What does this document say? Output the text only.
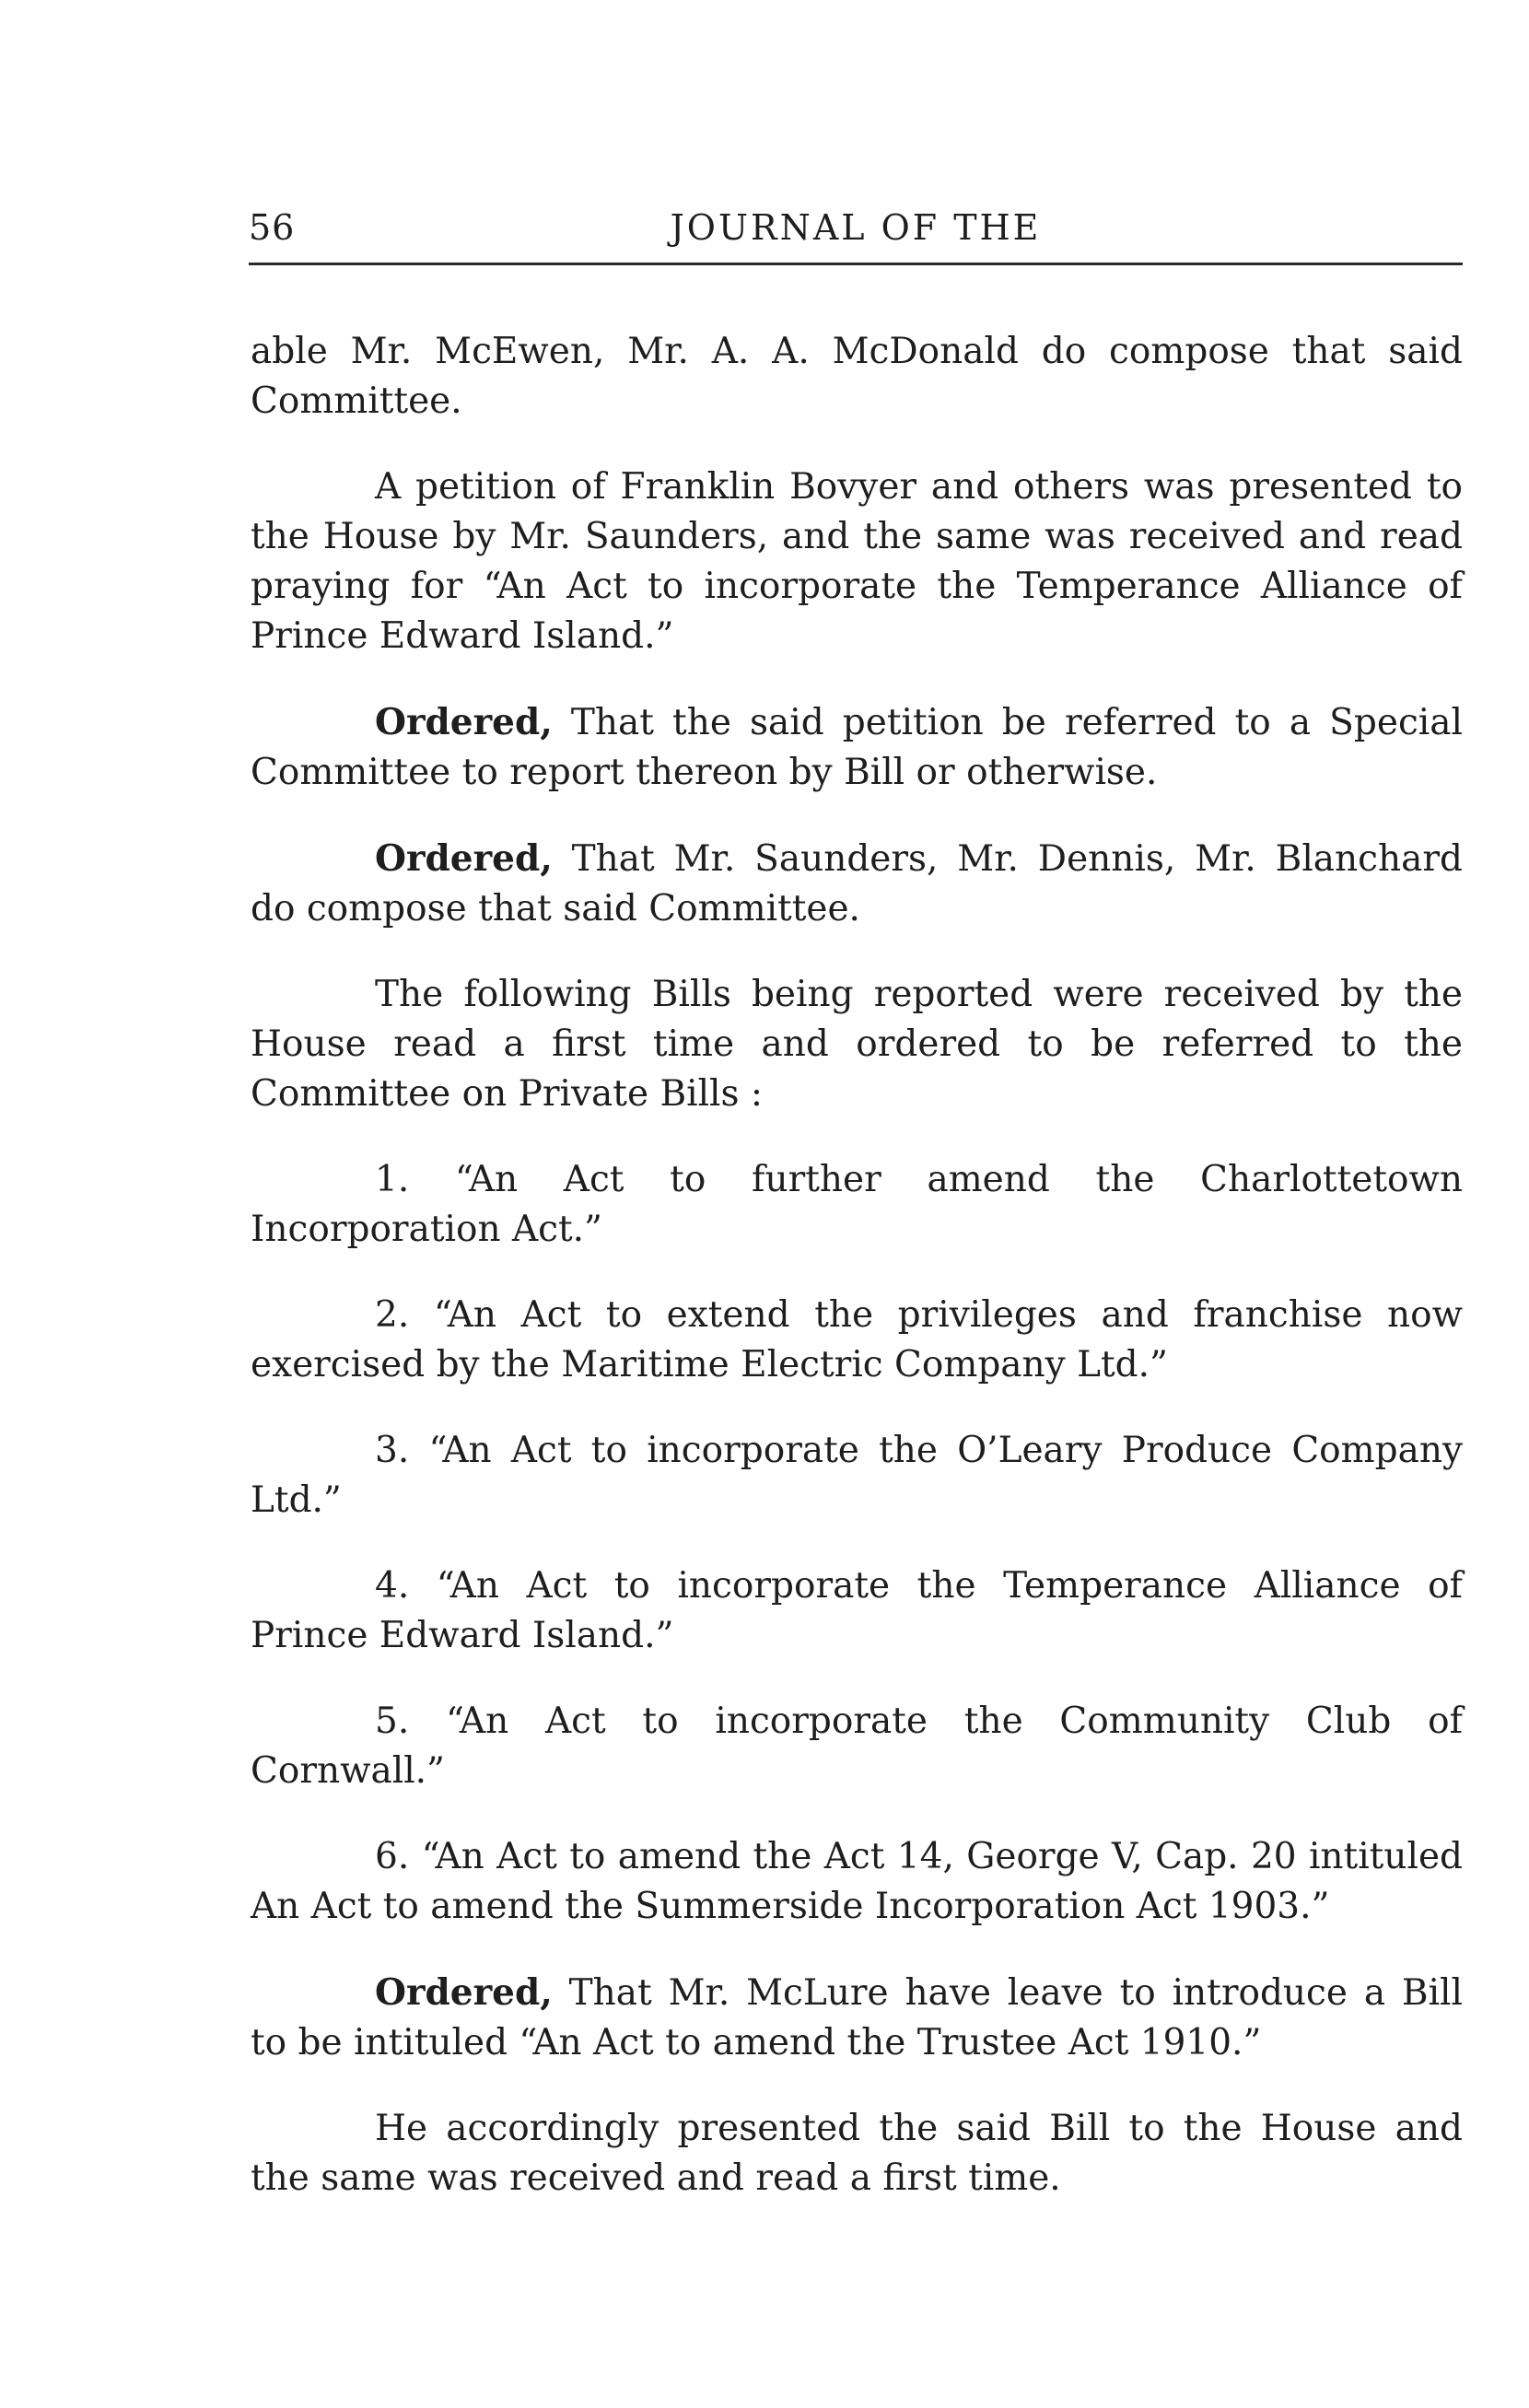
56	JOURNAL OF THE

able Mr. McEwen, Mr. A. A. McDonald do compose that said Committee.

A petition of Franklin Bovyer and others was presented to the House by Mr. Saunders, and the same was received and read praying for “An Act to incorporate the Temperance Alliance of Prince Edward Island.”

Ordered, That the said petition be referred to a Special Committee to report thereon by Bill or otherwise.

Ordered, That Mr. Saunders, Mr. Dennis, Mr. Blanchard do compose that said Committee.

The following Bills being reported were received by the House read a first time and ordered to be referred to the Committee on Private Bills :

1. “An Act to further amend the Charlottetown Incorporation Act.”

2. “An Act to extend the privileges and franchise now exercised by the Maritime Electric Company Ltd.”

3. “An Act to incorporate the O’Leary Produce Company Ltd.”

4. “An Act to incorporate the Temperance Alliance of Prince Edward Island.”

5. “An Act to incorporate the Community Club of Cornwall.”

6. “An Act to amend the Act 14, George V, Cap. 20 intituled An Act to amend the Summerside Incorporation Act 1903.”

Ordered, That Mr. McLure have leave to introduce a Bill to be intituled “An Act to amend the Trustee Act 1910.”

He accordingly presented the said Bill to the House and the same was received and read a first time.
